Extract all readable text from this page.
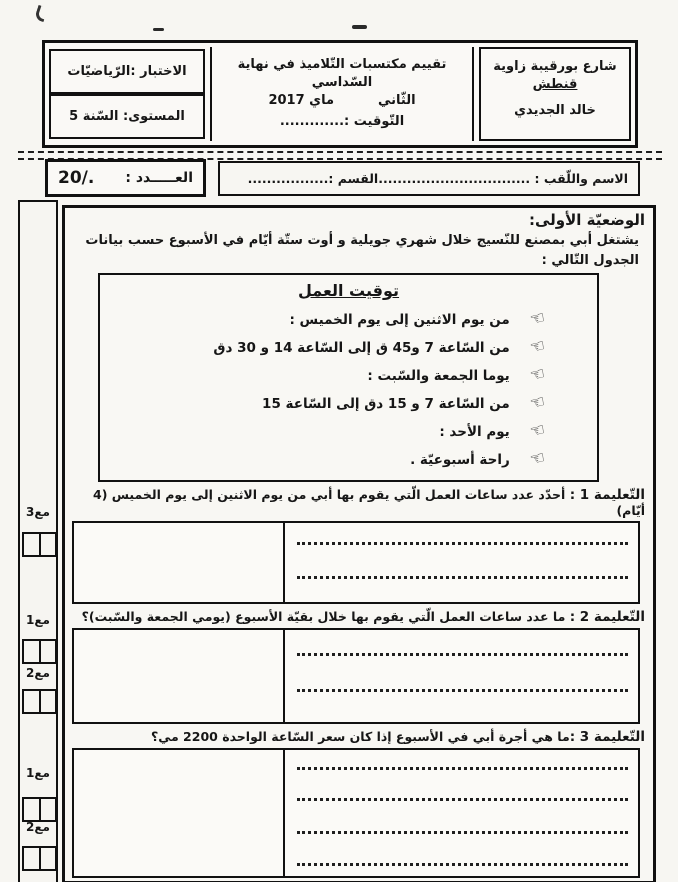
شارع بورقيبة زاوية
قنطش
خالد الجديدي
تقييم مكتسبات التّلاميذ في نهاية السّداسي
الثّاني
ماي 2017
التّوقيت :.............
الاختبار :الرّياضيّات
المستوى: السّنة 5
الاسم واللّقب : ................................القسم :.................
العـــــدد :
20/.
مع3
مع1
مع2
مع1
مع2
الوضعيّة الأولى:
يشتغل أبي بمصنع للنّسيج خلال شهري جويلية و أوت ستّة أيّام في الأسبوع حسب بيانات
الجدول التّالي :
توقيت العمل
☜
من يوم الاثنين إلى يوم الخميس :
☜
من السّاعة 7 و45 ق إلى السّاعة 14 و 30 دق
☜
يوما الجمعة والسّبت :
☜
من السّاعة 7 و 15 دق إلى السّاعة 15
☜
يوم الأحد :
☜
راحة أسبوعيّة .
التّعليمة 1 : أحدّد عدد ساعات العمل الّتي يقوم بها أبي من يوم الاثنين إلى يوم الخميس (4 أيّام)
التّعليمة 2 : ما عدد ساعات العمل الّتي يقوم بها خلال بقيّة الأسبوع (يومي الجمعة والسّبت)؟
التّعليمة 3 :ما هي أجرة أبي في الأسبوع إذا كان سعر السّاعة الواحدة 2200 مي؟
